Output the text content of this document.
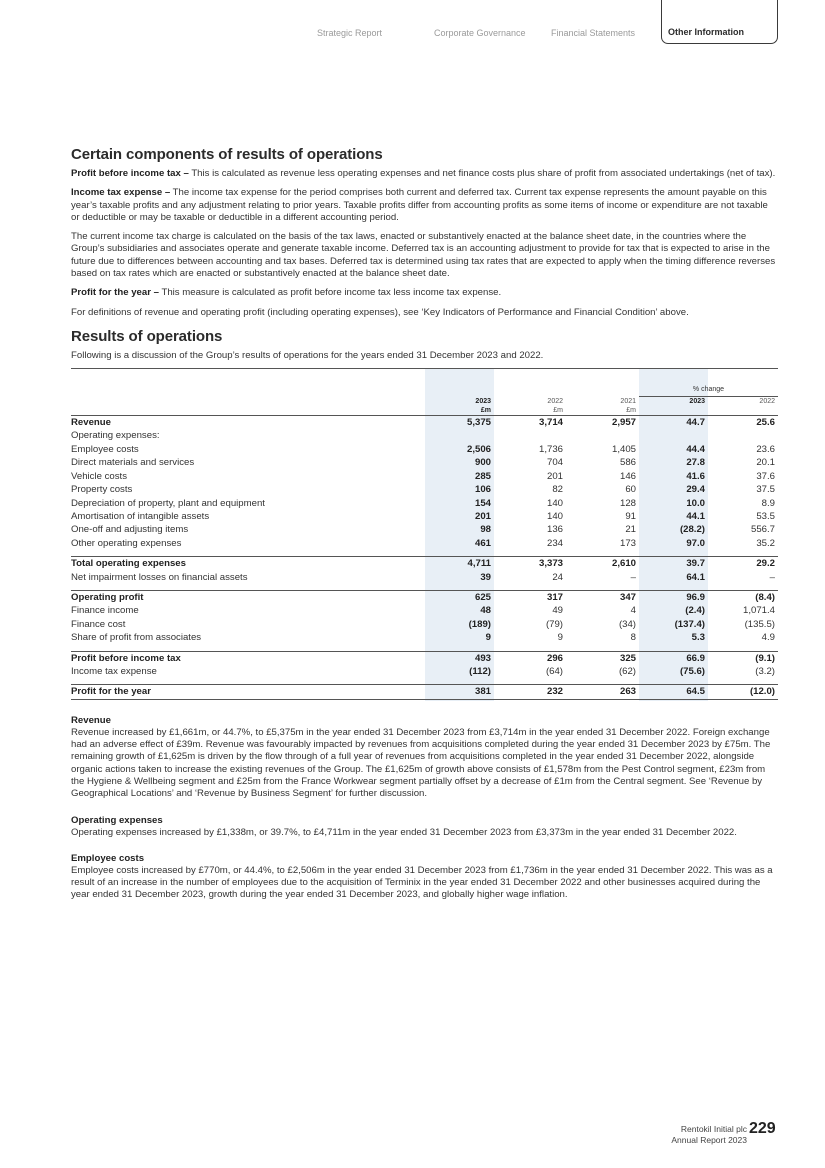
Strategic Report	Corporate Governance	Financial Statements	Other Information
Certain components of results of operations

Profit before income tax – This is calculated as revenue less operating expenses and net finance costs plus share of profit from associated undertakings (net of tax).

Income tax expense – The income tax expense for the period comprises both current and deferred tax. Current tax expense represents the amount payable on this year’s taxable profits and any adjustment relating to prior years. Taxable profits differ from accounting profits as some items of income or expenditure are not taxable or deductible or may be taxable or deductible in a different accounting period.

The current income tax charge is calculated on the basis of the tax laws, enacted or substantively enacted at the balance sheet date, in the countries where the Group’s subsidiaries and associates operate and generate taxable income. Deferred tax is an accounting adjustment to provide for tax that is expected to arise in the future due to differences between accounting and tax bases. Deferred tax is determined using tax rates that are expected to apply when the timing difference reverses based on tax rates which are enacted or substantively enacted at the balance sheet date.

Profit for the year – This measure is calculated as profit before income tax less income tax expense.

For definitions of revenue and operating profit (including operating expenses), see ‘Key Indicators of Performance and Financial Condition’ above.

Results of operations

Following is a discussion of the Group’s results of operations for the years ended 31 December 2023 and 2022.

				% change	

	2023	2022	2021	2023	2022
	£m	£m	£m		
Revenue	5,375	3,714	2,957	44.7	25.6
Operating expenses:					
Employee costs	2,506	1,736	1,405	44.4	23.6
Direct materials and services	900	704	586	27.8	20.1
Vehicle costs	285	201	146	41.6	37.6
Property costs	106	82	60	29.4	37.5
Depreciation of property, plant and equipment	154	140	128	10.0	8.9
Amortisation of intangible assets	201	140	91	44.1	53.5
One-off and adjusting items	98	136	21	(28.2)	556.7
Other operating expenses	461	234	173	97.0	35.2

Total operating expenses	4,711	3,373	2,610	39.7	29.2
Net impairment losses on financial assets	39	24	–	64.1	–

Operating profit	625	317	347	96.9	(8.4)
Finance income	48	49	4	(2.4)	1,071.4
Finance cost	(189)	(79)	(34)	(137.4)	(135.5)
Share of profit from associates	9	9	8	5.3	4.9

Profit before income tax	493	296	325	66.9	(9.1)
Income tax expense	(112)	(64)	(62)	(75.6)	(3.2)

Profit for the year	381	232	263	64.5	(12.0)

Revenue

Revenue increased by £1,661m, or 44.7%, to £5,375m in the year ended 31 December 2023 from £3,714m in the year ended 31 December 2022. Foreign exchange had an adverse effect of £39m. Revenue was favourably impacted by revenues from acquisitions completed during the year ended 31 December 2023 by £75m. The remaining growth of £1,625m is driven by the flow through of a full year of revenues from acquisitions completed in the year ended 31 December 2022, alongside organic actions taken to increase the existing revenues of the Group. The £1,625m of growth above consists of £1,578m from the Pest Control segment, £23m from the Hygiene & Wellbeing segment and £25m from the France Workwear segment partially offset by a decrease of £1m from the Central segment. See ‘Revenue by Geographical Locations’ and ‘Revenue by Business Segment’ for further discussion.

Operating expenses

Operating expenses increased by £1,338m, or 39.7%, to £4,711m in the year ended 31 December 2023 from £3,373m in the year ended 31 December 2022.

Employee costs

Employee costs increased by £770m, or 44.4%, to £2,506m in the year ended 31 December 2023 from £1,736m in the year ended 31 December 2022. This was as a result of an increase in the number of employees due to the acquisition of Terminix in the year ended 31 December 2022 and other businesses acquired during the year ended 31 December 2023, growth during the year ended 31 December 2023, and globally higher wage inflation.

Rentokil Initial plc
Annual Report 2023
229
